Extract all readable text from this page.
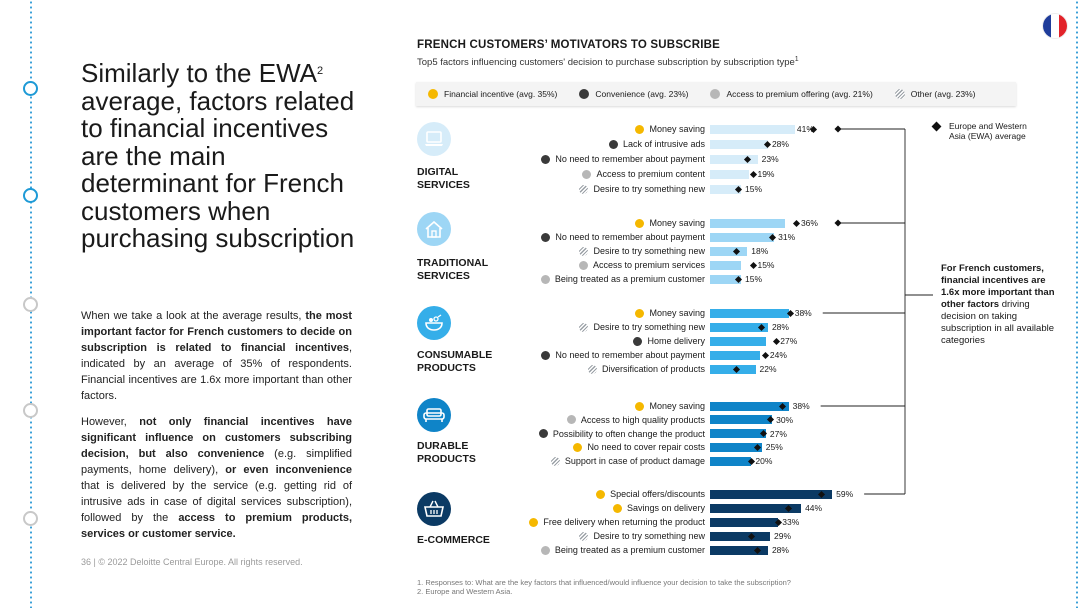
Similarly to the EWA$^2$ average, factors related to financial incentives are the main determinant for French customers when purchasing subscription

When we take a look at the average results, the most important factor for French customers to decide on subscription is related to financial incentives, indicated by an average of 35% of respondents. Financial incentives are 1.6x more important than other factors.

However, not only financial incentives have significant influence on customers subscribing decision, but also convenience (e.g. simplified payments, home delivery), or even inconvenience that is delivered by the service (e.g. getting rid of intrusive ads in case of digital services subscription), followed by the access to premium products, services or customer service.

36 | © 2022 Deloitte Central Europe. All rights reserved.
FRENCH CUSTOMERS’ MOTIVATORS TO SUBSCRIBE
Top5 factors influencing customers' decision to purchase subscription by subscription type$^1$
Financial incentive (avg. 35%)	Convenience (avg. 23%)	Access to premium offering (avg. 21%)	Other (avg. 23%)
Europe and Western Asia (EWA) average
For French customers, financial incentives are 1.6x more important than other factors driving decision on taking subscription in all available categories
DIGITAL
SERVICES
Money saving	41%
Lack of intrusive ads	28%
No need to remember about payment	23%
Access to premium content	19%
Desire to try something new	15%
TRADITIONAL
SERVICES
Money saving	36%
No need to remember about payment	31%
Desire to try something new	18%
Access to premium services	15%
Being treated as a premium customer	15%
CONSUMABLE
PRODUCTS
Money saving	38%
Desire to try something new	28%
Home delivery	27%
No need to remember about payment	24%
Diversification of products	22%
DURABLE
PRODUCTS
Money saving	38%
Access to high quality products	30%
Possibility to often change the product	27%
No need to cover repair costs	25%
Support in case of product damage	20%
E-COMMERCE
Special offers/discounts	59%
Savings on delivery	44%
Free delivery when returning the product	33%
Desire to try something new	29%
Being treated as a premium customer	28%
1. Responses to: What are the key factors that influenced/would influence your decision to take the subscription?
2. Europe and Western Asia.
